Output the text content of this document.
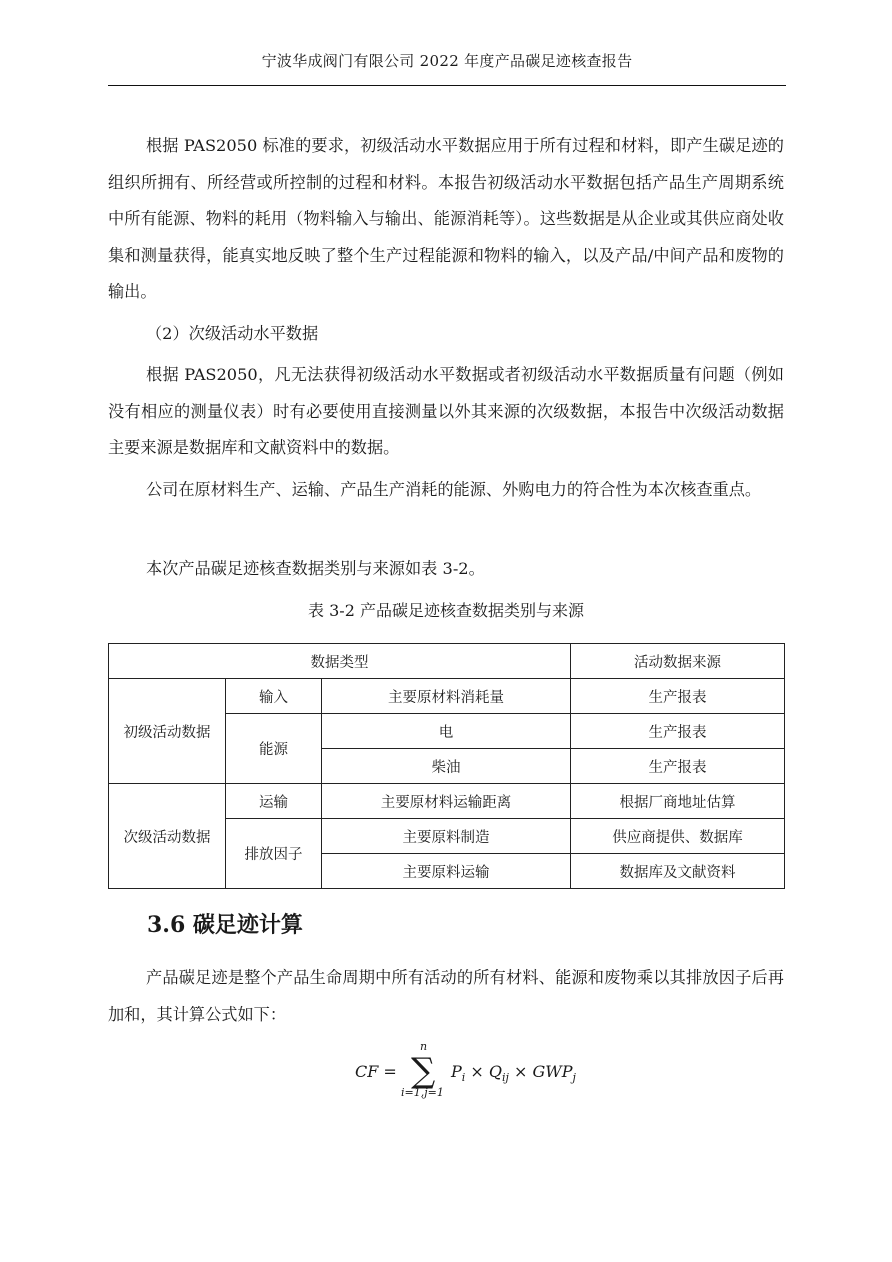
宁波华成阀门有限公司 2022 年度产品碳足迹核查报告

根据 PAS2050 标准的要求，初级活动水平数据应用于所有过程和材料，即产生碳足迹的组织所拥有、所经营或所控制的过程和材料。本报告初级活动水平数据包括产品生产周期系统中所有能源、物料的耗用（物料输入与输出、能源消耗等）。这些数据是从企业或其供应商处收集和测量获得，能真实地反映了整个生产过程能源和物料的输入，以及产品/中间产品和废物的输出。

（2）次级活动水平数据

根据 PAS2050，凡无法获得初级活动水平数据或者初级活动水平数据质量有问题（例如没有相应的测量仪表）时有必要使用直接测量以外其来源的次级数据，本报告中次级活动数据主要来源是数据库和文献资料中的数据。

公司在原材料生产、运输、产品生产消耗的能源、外购电力的符合性为本次核查重点。

本次产品碳足迹核查数据类别与来源如表 3-2。

表 3-2 产品碳足迹核查数据类别与来源
数据类型			活动数据来源
初级活动数据	输入	主要原材料消耗量	生产报表
	能源	电	生产报表
		柴油	生产报表
次级活动数据	运输	主要原材料运输距离	根据厂商地址估算
	排放因子	主要原料制造	供应商提供、数据库
		主要原料运输	数据库及文献资料
3.6 碳足迹计算

产品碳足迹是整个产品生命周期中所有活动的所有材料、能源和废物乘以其排放因子后再加和，其计算公式如下：

CF =
n
∑
i=1,j=1
$P_i \times Q_{ij} \times GWP_j$
